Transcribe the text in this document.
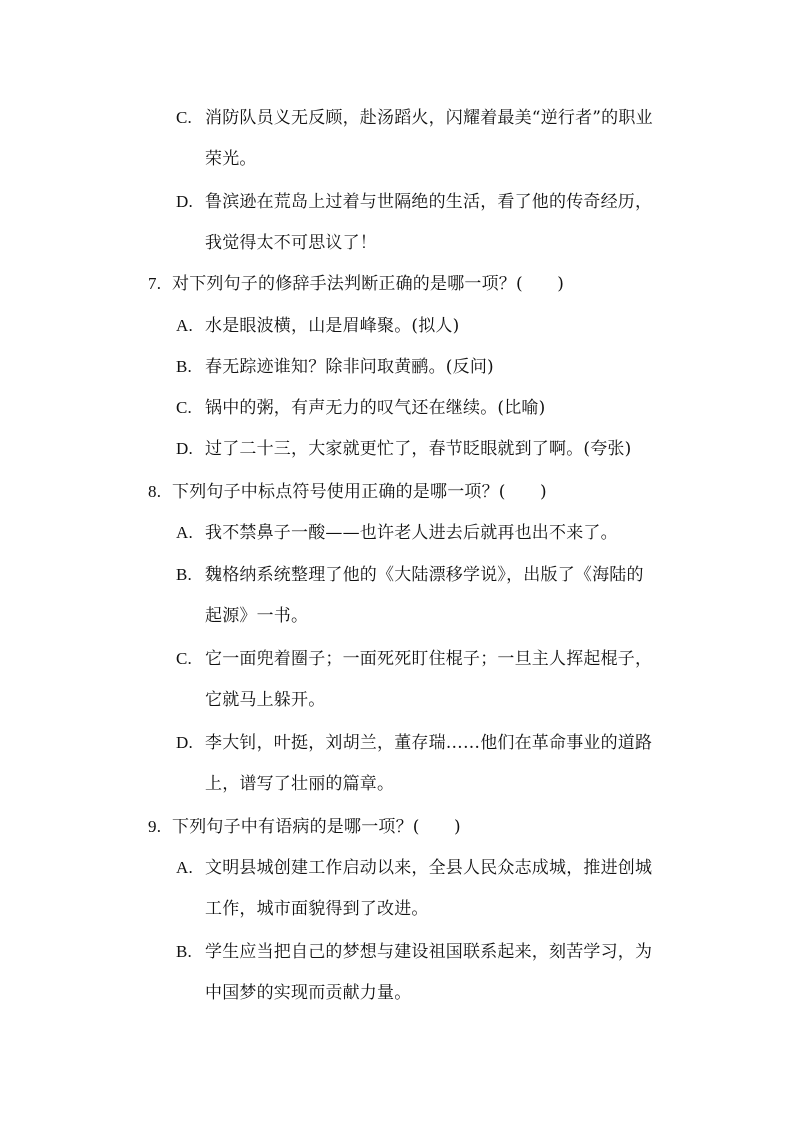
C. 消防队员义无反顾，赴汤蹈火，闪耀着最美“逆行者”的职业
荣光。
D. 鲁滨逊在荒岛上过着与世隔绝的生活，看了他的传奇经历，
我觉得太不可思议了！
7. 对下列句子的修辞手法判断正确的是哪一项？(　　)
A. 水是眼波横，山是眉峰聚。(拟人)
B. 春无踪迹谁知？除非问取黄鹂。(反问)
C. 锅中的粥，有声无力的叹气还在继续。(比喻)
D. 过了二十三，大家就更忙了，春节眨眼就到了啊。(夸张)
8. 下列句子中标点符号使用正确的是哪一项？(　　)
A. 我不禁鼻子一酸——也许老人进去后就再也出不来了。
B. 魏格纳系统整理了他的《大陆漂移学说》，出版了《海陆的
起源》一书。
C. 它一面兜着圈子；一面死死盯住棍子；一旦主人挥起棍子，
它就马上躲开。
D. 李大钊，叶挺，刘胡兰，董存瑞……他们在革命事业的道路
上，谱写了壮丽的篇章。
9. 下列句子中有语病的是哪一项？(　　)
A. 文明县城创建工作启动以来，全县人民众志成城，推进创城
工作，城市面貌得到了改进。
B. 学生应当把自己的梦想与建设祖国联系起来，刻苦学习，为
中国梦的实现而贡献力量。
